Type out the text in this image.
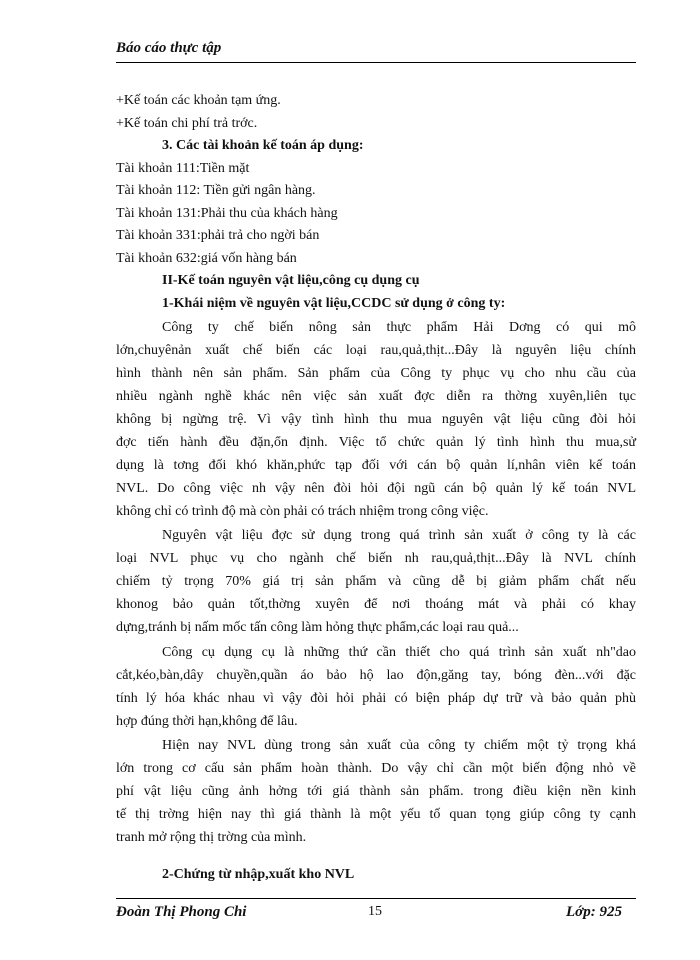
Báo cáo thực tập
+Kế toán các khoản tạm ứng.
+Kế toán chi phí trả trớc.
3. Các tài khoản kế toán áp dụng:
Tài khoản 111:Tiền mặt
Tài khoản 112: Tiền gửi ngân hàng.
Tài khoản 131:Phải thu của khách hàng
Tài khoản 331:phải trả cho ngời bán
Tài khoản 632:giá vốn hàng bán
II-Kế toán nguyên vật liệu,công cụ dụng cụ
1-Khái niệm về nguyên vật liệu,CCDC sử dụng ở công ty:
Công ty chế biến nông sản thực phẩm Hải Dơng có qui mô
lớn,chuyênản xuất chế biến các loại rau,quả,thịt...Đây là nguyên liệu chính
hình thành nên sản phẩm. Sản phẩm của Công ty phục vụ cho nhu cầu của
nhiều ngành nghề khác nên việc sản xuất đợc diễn ra thờng xuyên,liên tục
không bị ngừng trệ. Vì vậy tình hình thu mua nguyên vật liệu cũng đòi hỏi
đợc tiến hành đều đặn,ổn định. Việc tổ chức quản lý tình hình thu mua,sử
dụng là tơng đối khó khăn,phức tạp đối với cán bộ quản lí,nhân viên kế toán
NVL. Do công việc nh vậy nên đòi hỏi đội ngũ cán bộ quản lý kế toán NVL
không chỉ có trình độ mà còn phải có trách nhiệm trong công việc.
Nguyên vật liệu đợc sử dụng trong quá trình sản xuất ở công ty là các
loại NVL phục vụ cho ngành chế biến nh rau,quả,thịt...Đây là NVL chính
chiếm tỷ trọng 70% giá trị sản phẩm và cũng dễ bị giảm phẩm chất nếu
khonog bảo quản tốt,thờng xuyên để nơi thoáng mát và phải có khay
dựng,tránh bị nấm mốc tấn công làm hỏng thực phẩm,các loại rau quả...
Công cụ dụng cụ là những thứ cần thiết cho quá trình sản xuất nh"dao
cắt,kéo,bàn,dây chuyền,quần áo bảo hộ lao độn,găng tay, bóng đèn...với đặc
tính lý hóa khác nhau vì vậy đòi hỏi phải có biện pháp dự trữ và bảo quản phù
hợp đúng thời hạn,không để lâu.
Hiện nay NVL dùng trong sản xuất của công ty chiếm một tỷ trọng khá
lớn trong cơ cấu sản phẩm hoàn thành. Do vậy chỉ cần một biến động nhỏ về
phí vật liệu cũng ảnh hởng tới giá thành sản phẩm. trong điều kiện nền kinh
tế thị trờng hiện nay thì giá thành là một yếu tố quan tọng giúp công ty cạnh
tranh mở rộng thị trờng của mình.
2-Chứng từ nhập,xuất kho NVL
Đoàn Thị Phong Chi	15	Lớp: 925
